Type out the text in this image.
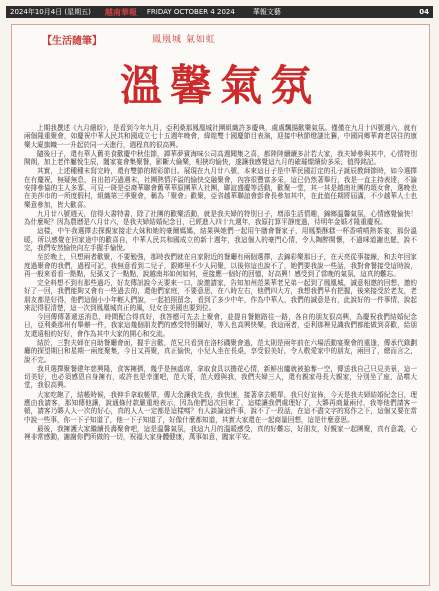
2024年10月4日 (星期五) 越南華報 FRIDAY OCTOBER 4 2024	華報文藝	04
【生活隨筆】	鳳凰城 氣如虹
溫馨氣氛

上期我撰述《九月繽紛》，是看到今年九月，亞利桑那鳳凰城社團組織許多慶典，處處飄揚歡樂氣氛。僅僅在九月十四號週六，就有兩個隆重聚會，如慶祝中華人民共和國成立七十五週年晚會，緯煌雙十國慶節目表演，迎接中秋節燈謎比賽，中國同鄉華裔老居住的康樂大廈旗幟一一升起於同一天進行，週程真的很高興。

隨後日子，還有華人舊美食歡慶中秋佳節，譚華夢賓海味公司高週聞集之喜，都陸陸續續多計若大家，我夫婦參與其中，心情特別開朗，加上老伴屬悅生辰，闔家宴會集聚餐，影斷大倫樂，相挾均愉快，遂讓我感覺這九月的確璀燦繽紛多采，值得銘記。

其實，上述種種未寫完時，還有雙節的精彩節目。展現在九月廿八號，本來這日子是中華民國訂定的孔子誕辰教師節時，如今選擇在有慶祝，無疑無息，自出拍巧過遇末，社團熱情洋溢的愉快交融聚會，內容很豐富多采，這已仍然著舉行，我是一直主持表達，不論安排參協的主人多寡，可見一斑是亞裔華聯會舊華華原團華人社團，聯誼盛慶等活動，歡聚一堂，其一其是越南社團的頌女會，選晚也在美莎市的一所度假村，組織第三季聚會，稱為「聚會」歡聚，亞省越華聯誼會彭會長參加其中，在此值任期將屆滿，不少越華人士也樂意參加，皆大歡喜。

九月廿八號週天，信得大書特書，除了社團的歡樂活動，就是我夫婦的特別日子，增添生活情趣，錦鄉溫馨氣氛，心情感覺愉快！為什麼呢？因為農曆是八月廿六，是我夫婦結婚紀念日，已經進入四十九週年，我原打算平靜度過，待明年金婚才隆重慶祝。

這樣，中午我選擇去探親家接走大妹和她的豪爾媽媽，結果與她們一起用午膳會餐家子，用鳳梨酥糕一杯香噴噴熱茶宴，那份溫暖，所以感覺在回家途中的歡喜自，中華人民共和國成立的新十週年，我這個人的豪門心情，令人陶醉開懷，不過咪道謝也罷，說不完，我們安然愉快向左手握手愉悅。

至於晚上，只想兩者歡聚，不要勉強，那時我們就在自家附近的餐廳有兩個選擇，去錦彩樂那日子，在天亮從事接線，和去年回家度過聚會的我們，過程可記，我無意看到二兒子，跟鄉里不少人同聚，以後你這也說不了，她們要我說一些話，我對會餐接受這時說，再一般來看看一點點，兒孫又了一點點，說越南邦如何如何，竟接應一個好的回憶，好高興！感受到了當晚的氣氛，這真的難忘。

完全料想不到有那些過巧，好友傳訊說今天要來一口，說邀請家，告知加州范果華老兄弟一起到了鳳凰城，誠意相邀的回想，邀約好了一回，我們能夠又會有一些過去的，還他們家庭，不要意思，在八時左右，他們四大方，我想我們早有把握，後來接受於老友，老朋友都是好得，他們這個小小年輕人們說，一起拍照留念，看到了多少中年，作為中華人，我們的誠意是有，此說好的一件事情，說起來記得很清楚，這一次到鳳凰城真正的風，兒女在美國也要到位。

今回傳傳著遞送消息，時間配合得真好，我答應可先去上聚會，並提自餐館路往一路，各自的朋友很高興，為慶祝我們結婚紀念日，亞利桑那州有舉辦一件，我家這幾個朋友們的感受特別關好，等人也高興快樂，我這兩者，亞利那裡見識我們都能做到喜歡，給朋友還遠相約好好，會作為其中大家的開心和交流。

結於，三對夫婦在自助餐廳會面，握手言歡，范兄只看到在洛杉磯聚會過，范太則是兩年前在六場活動宴聚會的重逢，傳承代錄劃廳的探望期日和星期一兩度聚集，今日又再聚，真正愉快，小兒人坐在長桌，享受很美好，令人敬愛家中的朋友，兩回了，總而言之，說不完。

我貝選擇聚餐建年慈興隆，食客擁擠，幾乎是無虛席，拿取食具以擔花心情，新鮮出爐就被搶奪一空，傳送我自己只見美景，這一切美好，也必須感恩自身擁有，或許也是幸運吧，范大哥，范大嫂與我，我們夫婦三人，還有親家母長大親家，分別坐了座，品嚐大堂，我很高興。

大家吃飽了，結帳時候，我伸手拿取帳單，傳大余讓我先我，我快速，接著拿去帳單，我只好宣佈，今天是我夫婦結婚紀念日，理應由我請客，那知傳他讓，說通條付款嚴重地表示，因為他們這次回來了，這樣讓我們處理好了，大夥再商量兩付，我等他們請客一頓，請客乃夥人人一次的好心，真的人人一定都是這樣嗎？有人談論這件事，說不了一段話，在這不盡文字的寫作之下，這個又要在當中說一些事，你一下子知道了，他一下子知道了，好像什麼都知道，其實大家還在一起商量回想，這是什麼意思。

最後，我擁護大家繼續長壽聚會吧，這是溫馨氣氛，我這九月的溫暖感受，真的好難忘，好朋友，好親家一起團聚，真有意義，心裡非常感動，謝謝你們所做的一切，祝福大家身體健康，萬事如意，闔家平安。
